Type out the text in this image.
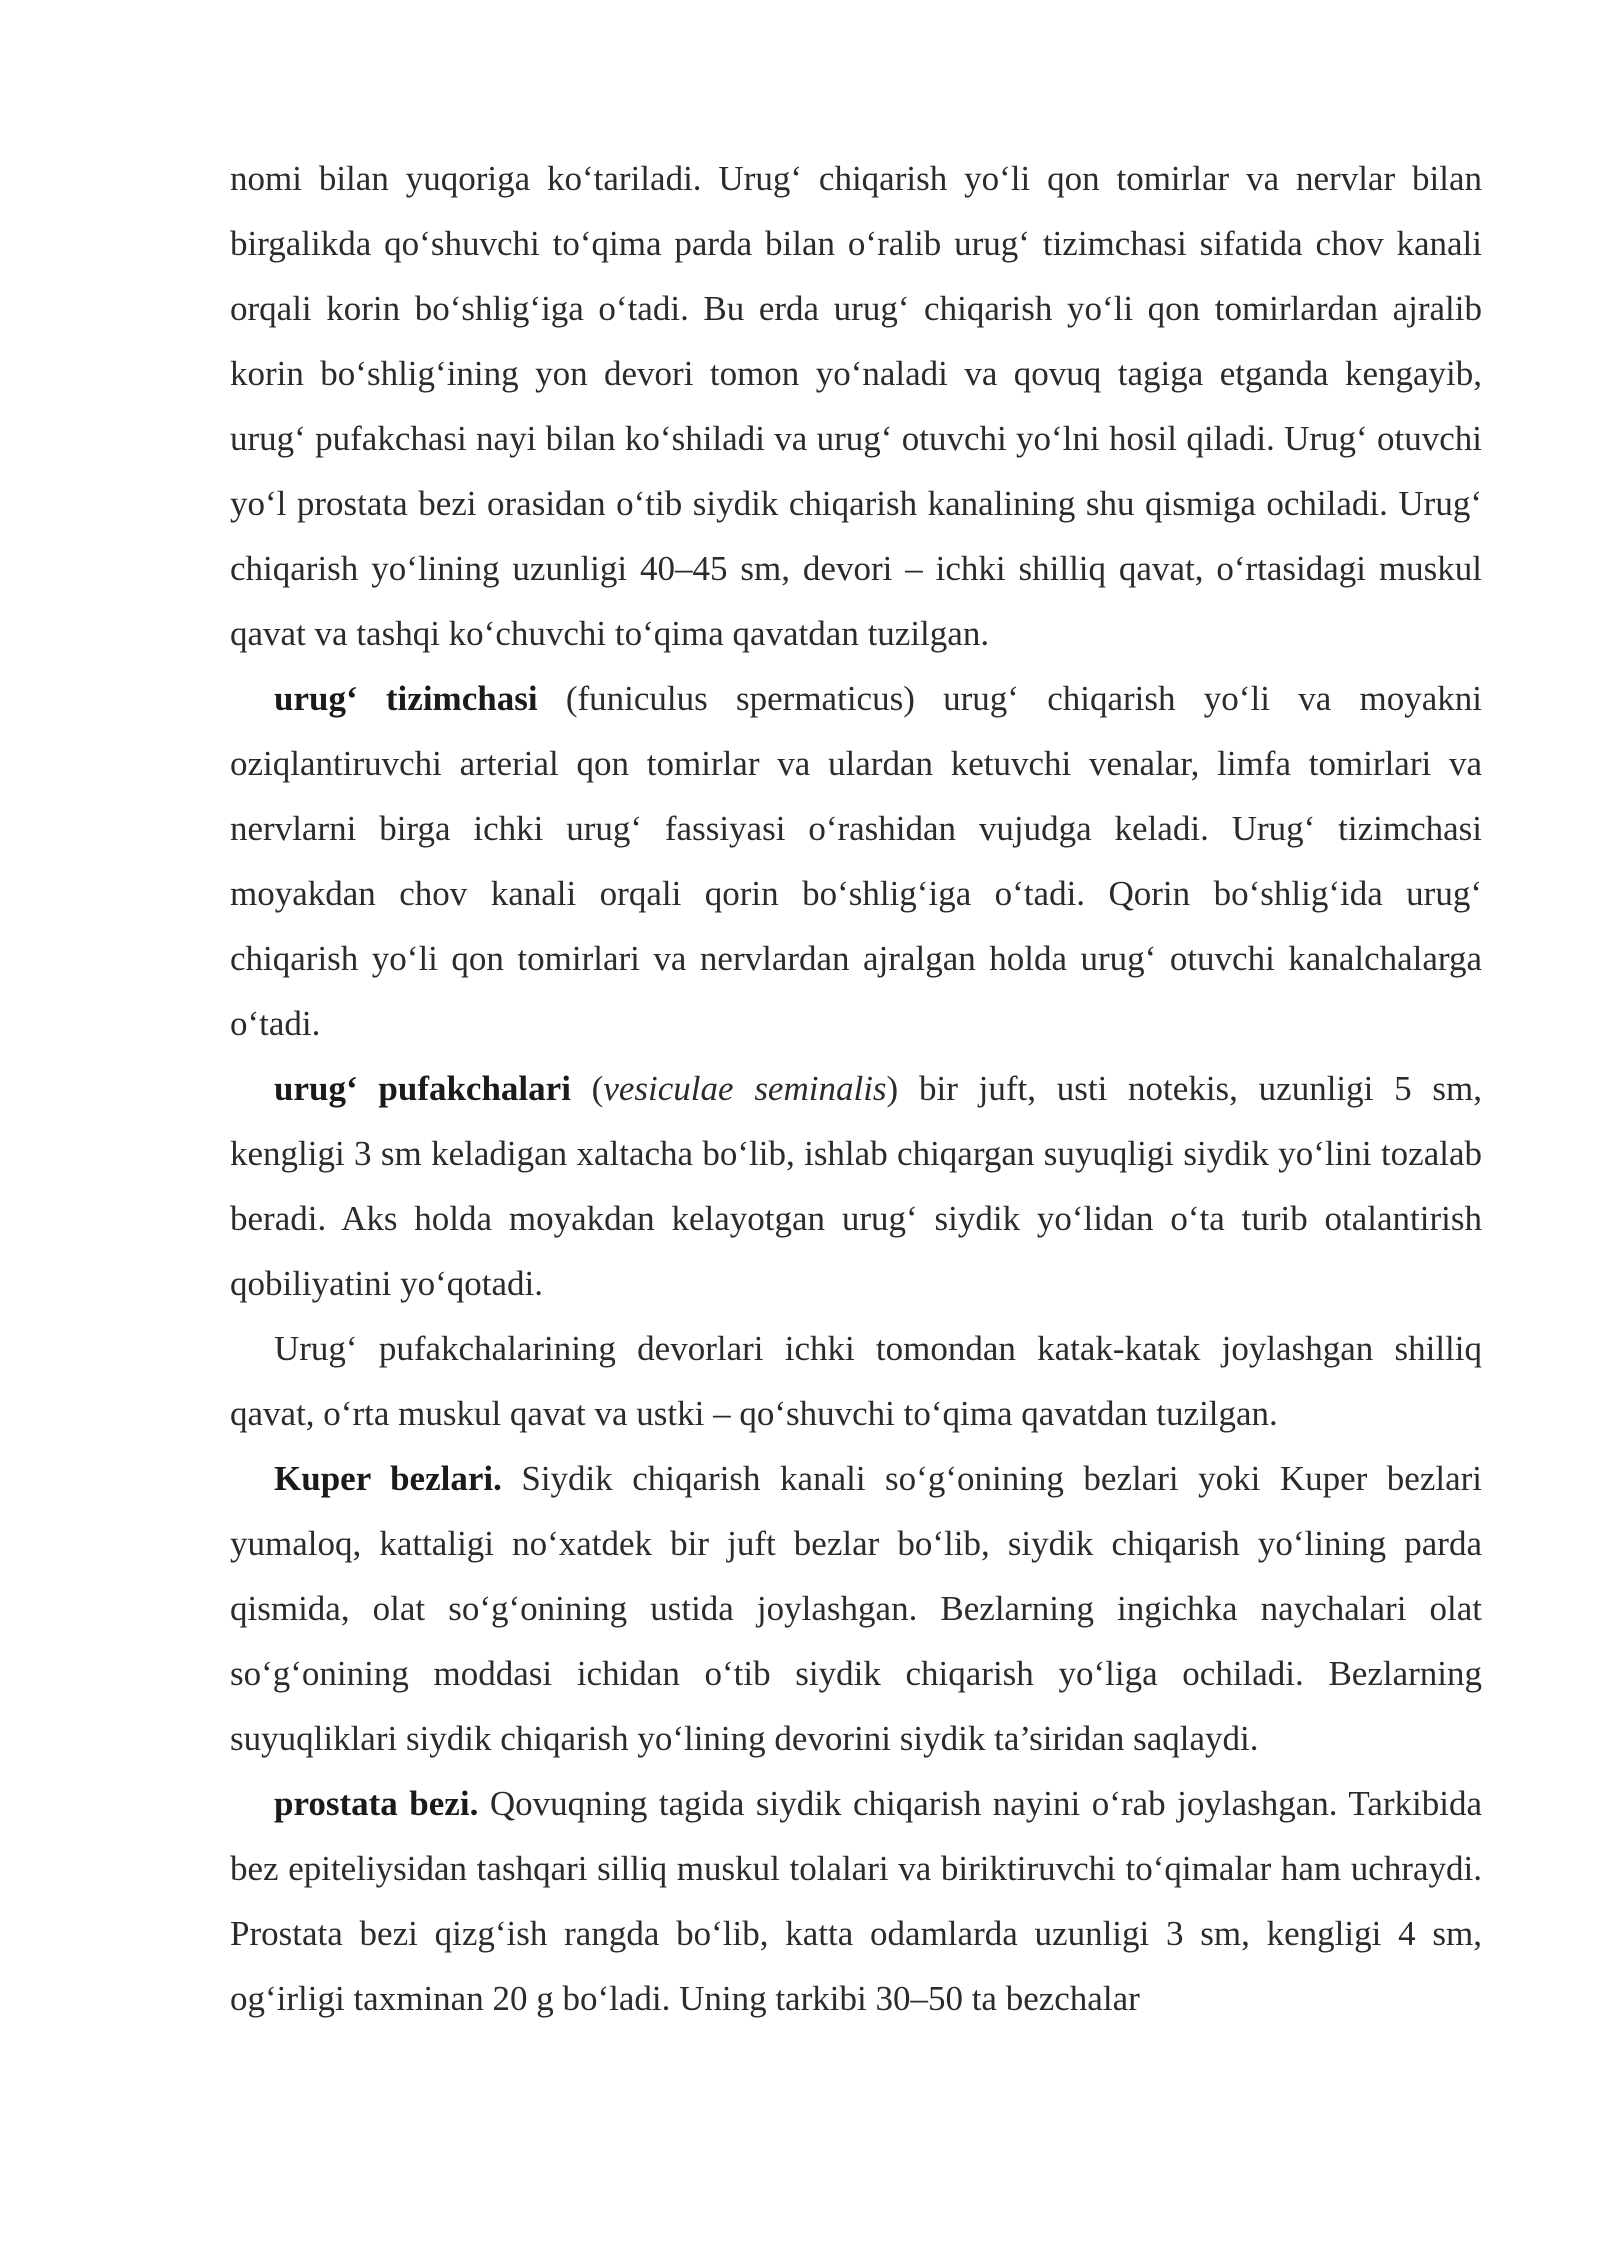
nomi bilan yuqoriga ko‘tariladi. Urug‘ chiqarish yo‘li qon tomirlar va nervlar bilan birgalikda qo‘shuvchi to‘qima parda bilan o‘ralib urug‘ tizimchasi sifatida chov kanali orqali korin bo‘shlig‘iga o‘tadi. Bu erda urug‘ chiqarish yo‘li qon tomirlardan ajralib korin bo‘shlig‘ining yon devori tomon yo‘naladi va qovuq tagiga etganda kengayib, urug‘ pufakchasi nayi bilan ko‘shiladi va urug‘ otuvchi yo‘lni hosil qiladi. Urug‘ otuvchi yo‘l prostata bezi orasidan o‘tib siydik chiqarish kanalining shu qismiga ochiladi. Urug‘ chiqarish yo‘lining uzunligi 40–45 sm, devori – ichki shilliq qavat, o‘rtasidagi muskul qavat va tashqi ko‘chuvchi to‘qima qavatdan tuzilgan.

urug‘ tizimchasi (funiculus spermaticus) urug‘ chiqarish yo‘li va moyakni oziqlantiruvchi arterial qon tomirlar va ulardan ketuvchi venalar, limfa tomirlari va nervlarni birga ichki urug‘ fassiyasi o‘rashidan vujudga keladi. Urug‘ tizimchasi moyakdan chov kanali orqali qorin bo‘shlig‘iga o‘tadi. Qorin bo‘shlig‘ida urug‘ chiqarish yo‘li qon tomirlari va nervlardan ajralgan holda urug‘ otuvchi kanalchalarga o‘tadi.

urug‘ pufakchalari (vesiculae seminalis) bir juft, usti notekis, uzunligi 5 sm, kengligi 3 sm keladigan xaltacha bo‘lib, ishlab chiqargan suyuqligi siydik yo‘lini tozalab beradi. Aks holda moyakdan kelayotgan urug‘ siydik yo‘lidan o‘ta turib otalantirish qobiliyatini yo‘qotadi.

Urug‘ pufakchalarining devorlari ichki tomondan katak-katak joylashgan shilliq qavat, o‘rta muskul qavat va ustki – qo‘shuvchi to‘qima qavatdan tuzilgan.

Kuper bezlari. Siydik chiqarish kanali so‘g‘onining bezlari yoki Kuper bezlari yumaloq, kattaligi no‘xatdek bir juft bezlar bo‘lib, siydik chiqarish yo‘lining parda qismida, olat so‘g‘onining ustida joylashgan. Bezlarning ingichka naychalari olat so‘g‘onining moddasi ichidan o‘tib siydik chiqarish yo‘liga ochiladi. Bezlarning suyuqliklari siydik chiqarish yo‘lining devorini siydik ta’siridan saqlaydi.

prostata bezi. Qovuqning tagida siydik chiqarish nayini o‘rab joylashgan. Tarkibida bez epiteliysidan tashqari silliq muskul tolalari va biriktiruvchi to‘qimalar ham uchraydi. Prostata bezi qizg‘ish rangda bo‘lib, katta odamlarda uzunligi 3 sm, kengligi 4 sm, og‘irligi taxminan 20 g bo‘ladi. Uning tarkibi 30–50 ta bezchalar
